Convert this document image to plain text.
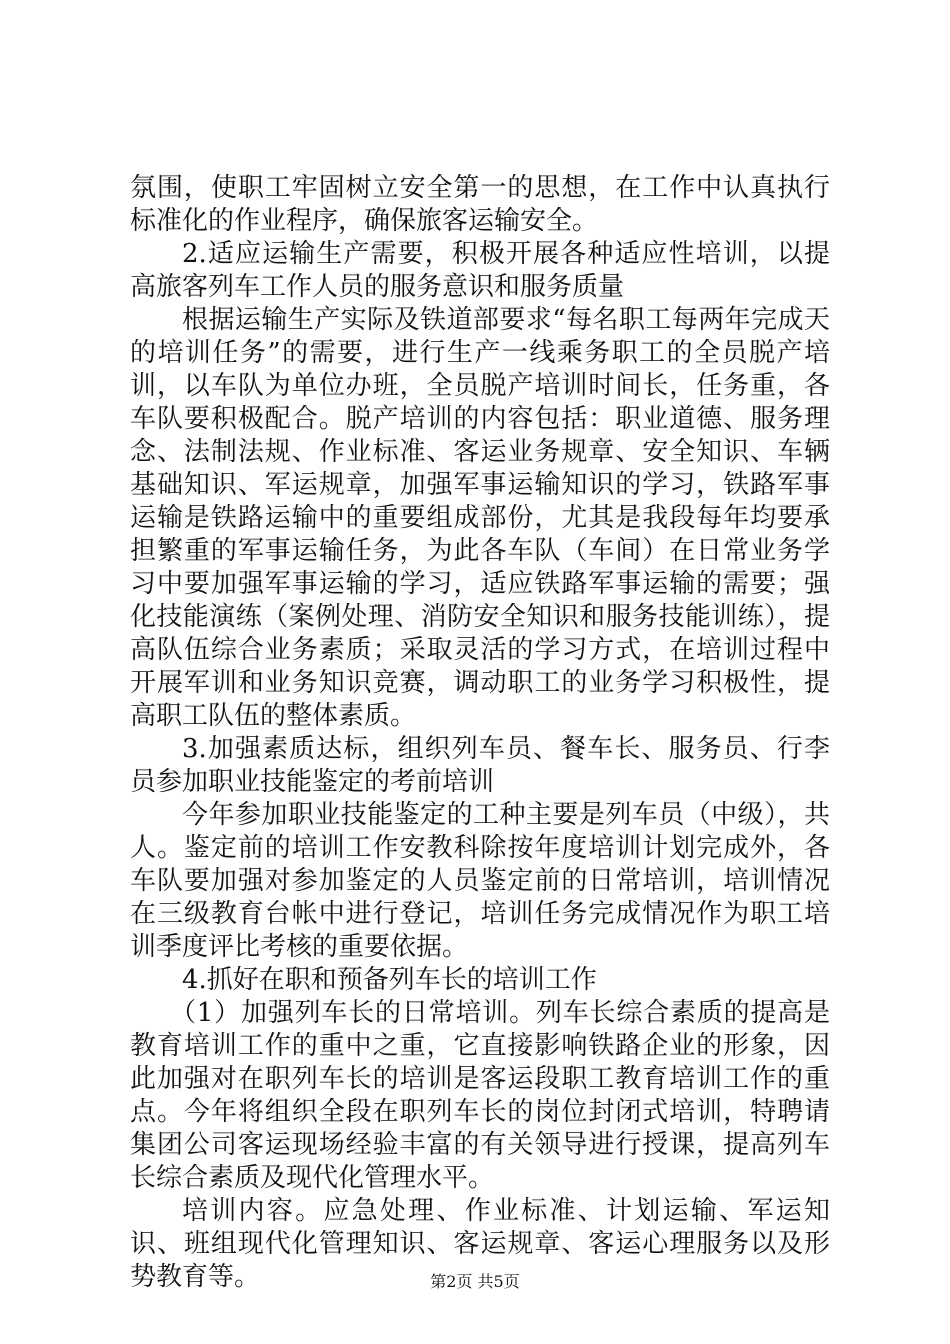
氛围，使职工牢固树立安全第一的思想，在工作中认真执行标准化的作业程序，确保旅客运输安全。

2.适应运输生产需要，积极开展各种适应性培训，以提高旅客列车工作人员的服务意识和服务质量

根据运输生产实际及铁道部要求“每名职工每两年完成天的培训任务”的需要，进行生产一线乘务职工的全员脱产培训，以车队为单位办班，全员脱产培训时间长，任务重，各车队要积极配合。脱产培训的内容包括：职业道德、服务理念、法制法规、作业标准、客运业务规章、安全知识、车辆基础知识、军运规章，加强军事运输知识的学习，铁路军事运输是铁路运输中的重要组成部份，尤其是我段每年均要承担繁重的军事运输任务，为此各车队（车间）在日常业务学习中要加强军事运输的学习，适应铁路军事运输的需要；强化技能演练（案例处理、消防安全知识和服务技能训练），提高队伍综合业务素质；采取灵活的学习方式，在培训过程中开展军训和业务知识竞赛，调动职工的业务学习积极性，提高职工队伍的整体素质。

3.加强素质达标，组织列车员、餐车长、服务员、行李员参加职业技能鉴定的考前培训

今年参加职业技能鉴定的工种主要是列车员（中级），共人。鉴定前的培训工作安教科除按年度培训计划完成外，各车队要加强对参加鉴定的人员鉴定前的日常培训，培训情况在三级教育台帐中进行登记，培训任务完成情况作为职工培训季度评比考核的重要依据。

4.抓好在职和预备列车长的培训工作

（1）加强列车长的日常培训。列车长综合素质的提高是教育培训工作的重中之重，它直接影响铁路企业的形象，因此加强对在职列车长的培训是客运段职工教育培训工作的重点。今年将组织全段在职列车长的岗位封闭式培训，特聘请集团公司客运现场经验丰富的有关领导进行授课，提高列车长综合素质及现代化管理水平。

培训内容。应急处理、作业标准、计划运输、军运知识、班组现代化管理知识、客运规章、客运心理服务以及形势教育等。	第2页 共5页
